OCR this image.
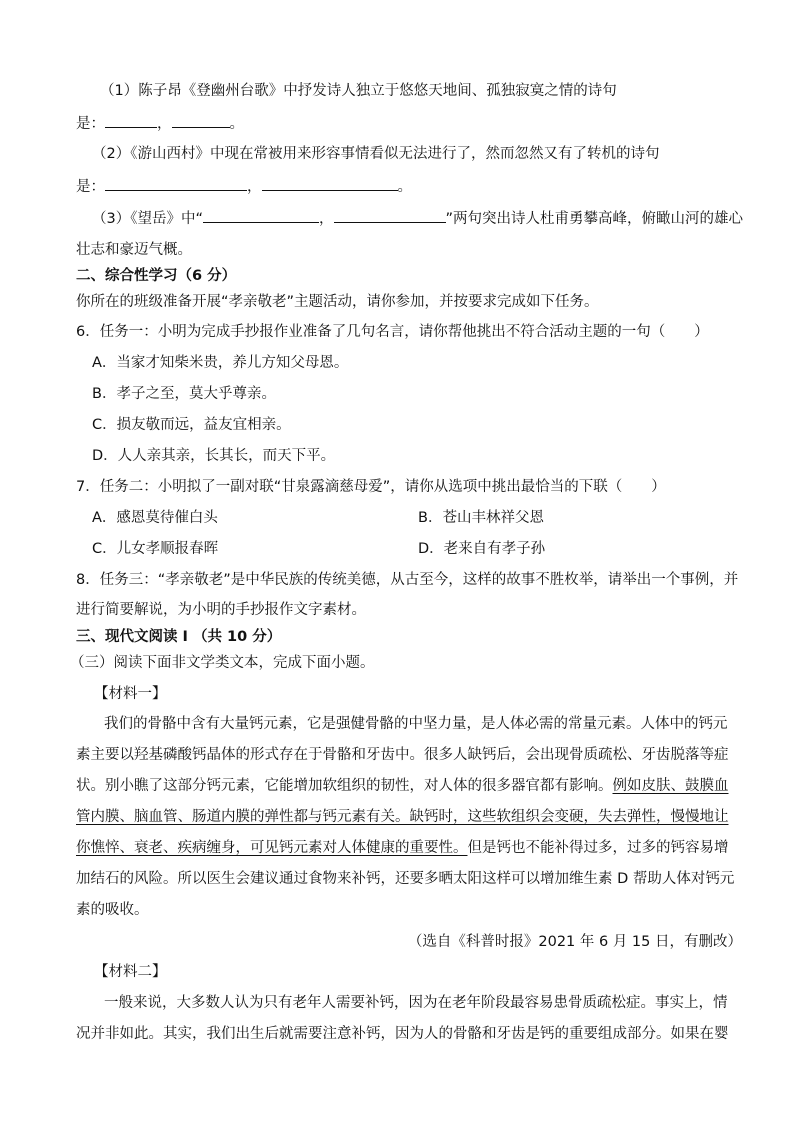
（1）陈子昂《登幽州台歌》中抒发诗人独立于悠悠天地间、孤独寂寞之情的诗句
是：	，	。
（2）《游山西村》中现在常被用来形容事情看似无法进行了，然而忽然又有了转机的诗句
是：	，	。
（3）《望岳》中“	，	”两句突出诗人杜甫勇攀高峰，俯瞰山河的雄心
壮志和豪迈气概。
二、综合性学习（6 分）
你所在的班级准备开展“孝亲敬老”主题活动，请你参加，并按要求完成如下任务。
6．任务一：小明为完成手抄报作业准备了几句名言，请你帮他挑出不符合活动主题的一句（　　）
A．当家才知柴米贵，养儿方知父母恩。
B．孝子之至，莫大乎尊亲。
C．损友敬而远，益友宜相亲。
D．人人亲其亲，长其长，而天下平。
7．任务二：小明拟了一副对联“甘泉露滴慈母爱”，请你从选项中挑出最恰当的下联（　　）
A．感恩莫待催白头	B．苍山丰林祥父恩
C．儿女孝顺报春晖	D．老来自有孝子孙
8．任务三：“孝亲敬老”是中华民族的传统美德，从古至今，这样的故事不胜枚举，请举出一个事例，并
进行简要解说，为小明的手抄报作文字素材。
三、现代文阅读 I （共 10 分）
（三）阅读下面非文学类文本，完成下面小题。
【材料一】
我们的骨骼中含有大量钙元素，它是强健骨骼的中坚力量，是人体必需的常量元素。人体中的钙元
素主要以羟基磷酸钙晶体的形式存在于骨骼和牙齿中。很多人缺钙后，会出现骨质疏松、牙齿脱落等症
状。别小瞧了这部分钙元素，它能增加软组织的韧性，对人体的很多器官都有影响。例如皮肤、鼓膜血
管内膜、脑血管、肠道内膜的弹性都与钙元素有关。缺钙时，这些软组织会变硬，失去弹性，慢慢地让
你憔悴、衰老、疾病缠身，可见钙元素对人体健康的重要性。但是钙也不能补得过多，过多的钙容易增
加结石的风险。所以医生会建议通过食物来补钙，还要多晒太阳这样可以增加维生素 D 帮助人体对钙元
素的吸收。
（选自《科普时报》2021 年 6 月 15 日，有删改）
【材料二】
一般来说，大多数人认为只有老年人需要补钙，因为在老年阶段最容易患骨质疏松症。事实上，情
况并非如此。其实，我们出生后就需要注意补钙，因为人的骨骼和牙齿是钙的重要组成部分。如果在婴
